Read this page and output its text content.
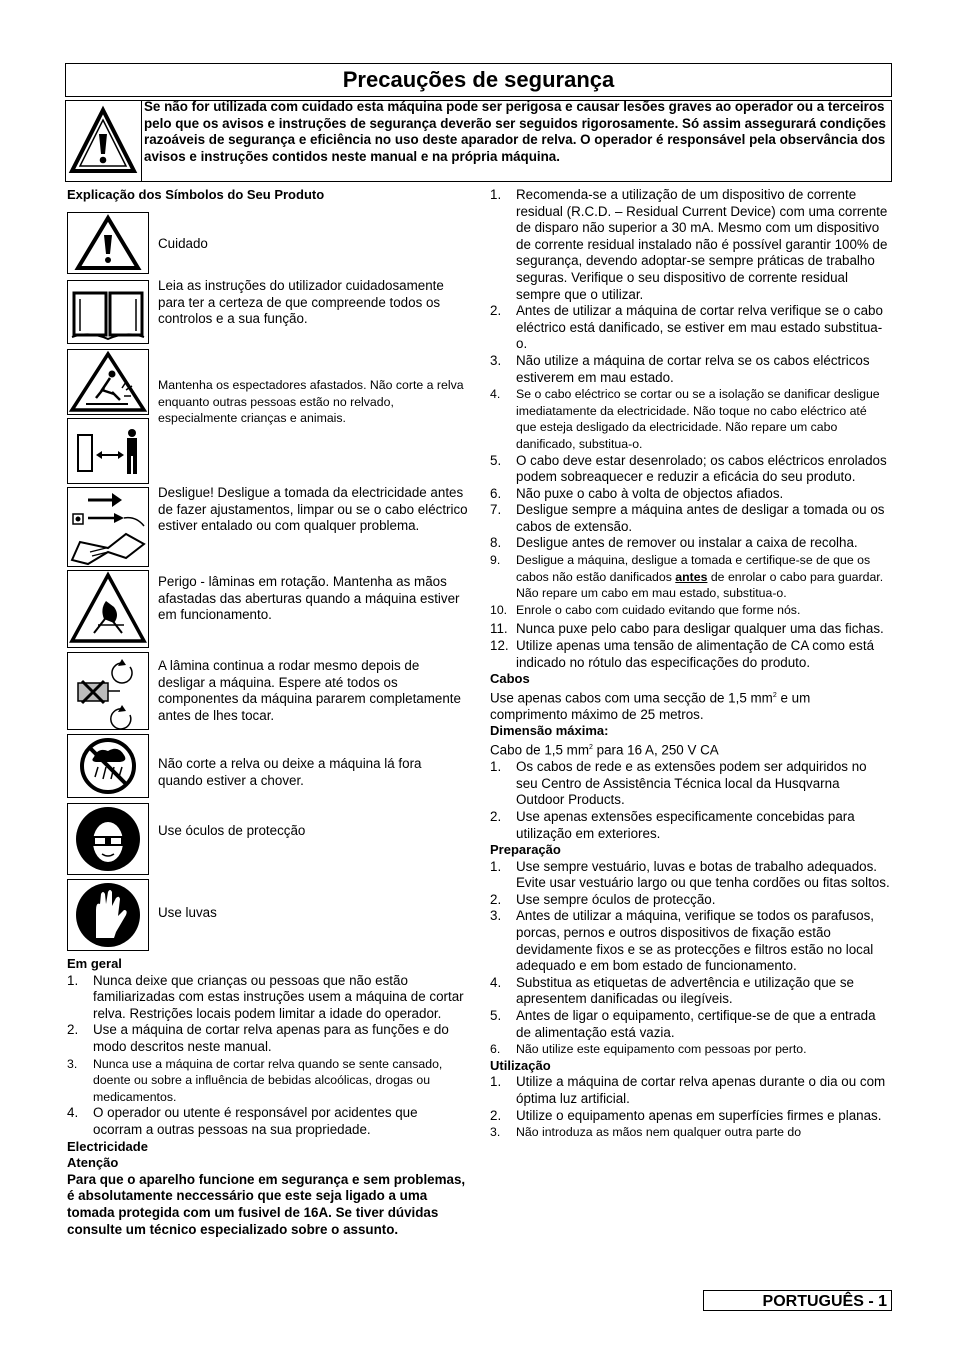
Precauções de segurança
Se não for utilizada com cuidado esta máquina pode ser perigosa e causar lesões graves ao operador ou a terceiros pelo que os avisos e instruções de segurança deverão ser seguidos rigorosamente. Só assim assegurará condições razoáveis de segurança e eficiência no uso deste aparador de relva. O operador é responsável pela observância dos avisos e instruções contidos neste manual e na própria máquina.
Explicação dos Símbolos do Seu Produto
Cuidado
Leia as instruções do utilizador cuidadosamente para ter a certeza de que compreende todos os controlos e a sua função.
Mantenha os espectadores afastados. Não corte a relva enquanto outras pessoas estão no relvado, especialmente crianças e animais.
Desligue! Desligue a tomada da electricidade antes de fazer ajustamentos, limpar ou se o cabo eléctrico estiver entalado ou com qualquer problema.
Perigo - lâminas em rotação. Mantenha as mãos afastadas das aberturas quando a máquina estiver em funcionamento.
A lâmina continua a rodar mesmo depois de desligar a máquina. Espere até todos os componentes da máquina pararem completamente antes de lhes tocar.
Não corte a relva ou deixe a máquina lá fora quando estiver a chover.
Use óculos de protecção
Use luvas
Em geral
1. Nunca deixe que crianças ou pessoas que não estão familiarizadas com estas instruções usem a máquina de cortar relva. Restrições locais podem limitar a idade do operador.
2. Use a máquina de cortar relva apenas para as funções e do modo descritos neste manual.
3. Nunca use a máquina de cortar relva quando se sente cansado, doente ou sobre a influência de bebidas alcoólicas, drogas ou medicamentos.
4. O operador ou utente é responsável por acidentes que ocorram a outras pessoas na sua propriedade.
Electricidade
Atenção
Para que o aparelho funcione em segurança e sem problemas, é absolutamente neccessário que este seja ligado a uma tomada protegida com um fusivel de 16A. Se tiver dúvidas consulte um técnico especializado sobre o assunto.
1. Recomenda-se a utilização de um dispositivo de corrente residual (R.C.D. – Residual Current Device) com uma corrente de disparo não superior a 30 mA. Mesmo com um dispositivo de corrente residual instalado não é possível garantir 100% de segurança, devendo adoptar-se sempre práticas de trabalho seguras. Verifique o seu dispositivo de corrente residual sempre que o utilizar.
2. Antes de utilizar a máquina de cortar relva verifique se o cabo eléctrico está danificado, se estiver em mau estado substitua-o.
3. Não utilize a máquina de cortar relva se os cabos eléctricos estiverem em mau estado.
4. Se o cabo eléctrico se cortar ou se a isolação se danificar desligue imediatamente da electricidade. Não toque no cabo eléctrico até que esteja desligado da electricidade. Não repare um cabo danificado, substitua-o.
5. O cabo deve estar desenrolado; os cabos eléctricos enrolados podem sobreaquecer e reduzir a eficácia do seu produto.
6. Não puxe o cabo à volta de objectos afiados.
7. Desligue sempre a máquina antes de desligar a tomada ou os cabos de extensão.
8. Desligue antes de remover ou instalar a caixa de recolha.
9. Desligue a máquina, desligue a tomada e certifique-se de que os cabos não estão danificados antes de enrolar o cabo para guardar. Não repare um cabo em mau estado, substitua-o.
10. Enrole o cabo com cuidado evitando que forme nós.
11. Nunca puxe pelo cabo para desligar qualquer uma das fichas.
12. Utilize apenas uma tensão de alimentação de CA como está indicado no rótulo das especificações do produto.
Cabos
Use apenas cabos com uma secção de 1,5 $mm^2$ e um comprimento máximo de 25 metros.
Dimensão máxima:
Cabo de 1,5 $mm^2$ para 16 A, 250 V CA
1. Os cabos de rede e as extensões podem ser adquiridos no seu Centro de Assistência Técnica local da Husqvarna Outdoor Products.
2. Use apenas extensões especificamente concebidas para utilização em exteriores.
Preparação
1. Use sempre vestuário, luvas e botas de trabalho adequados. Evite usar vestuário largo ou que tenha cordões ou fitas soltos.
2. Use sempre óculos de protecção.
3. Antes de utilizar a máquina, verifique se todos os parafusos, porcas, pernos e outros dispositivos de fixação estão devidamente fixos e se as protecções e filtros estão no local adequado e em bom estado de funcionamento.
4. Substitua as etiquetas de advertência e utilização que se apresentem danificadas ou ilegíveis.
5. Antes de ligar o equipamento, certifique-se de que a entrada de alimentação está vazia.
6. Não utilize este equipamento com pessoas por perto.
Utilização
1. Utilize a máquina de cortar relva apenas durante o dia ou com óptima luz artificial.
2. Utilize o equipamento apenas em superfícies firmes e planas.
3. Não introduza as mãos nem qualquer outra parte do
PORTUGUÊS - 1
